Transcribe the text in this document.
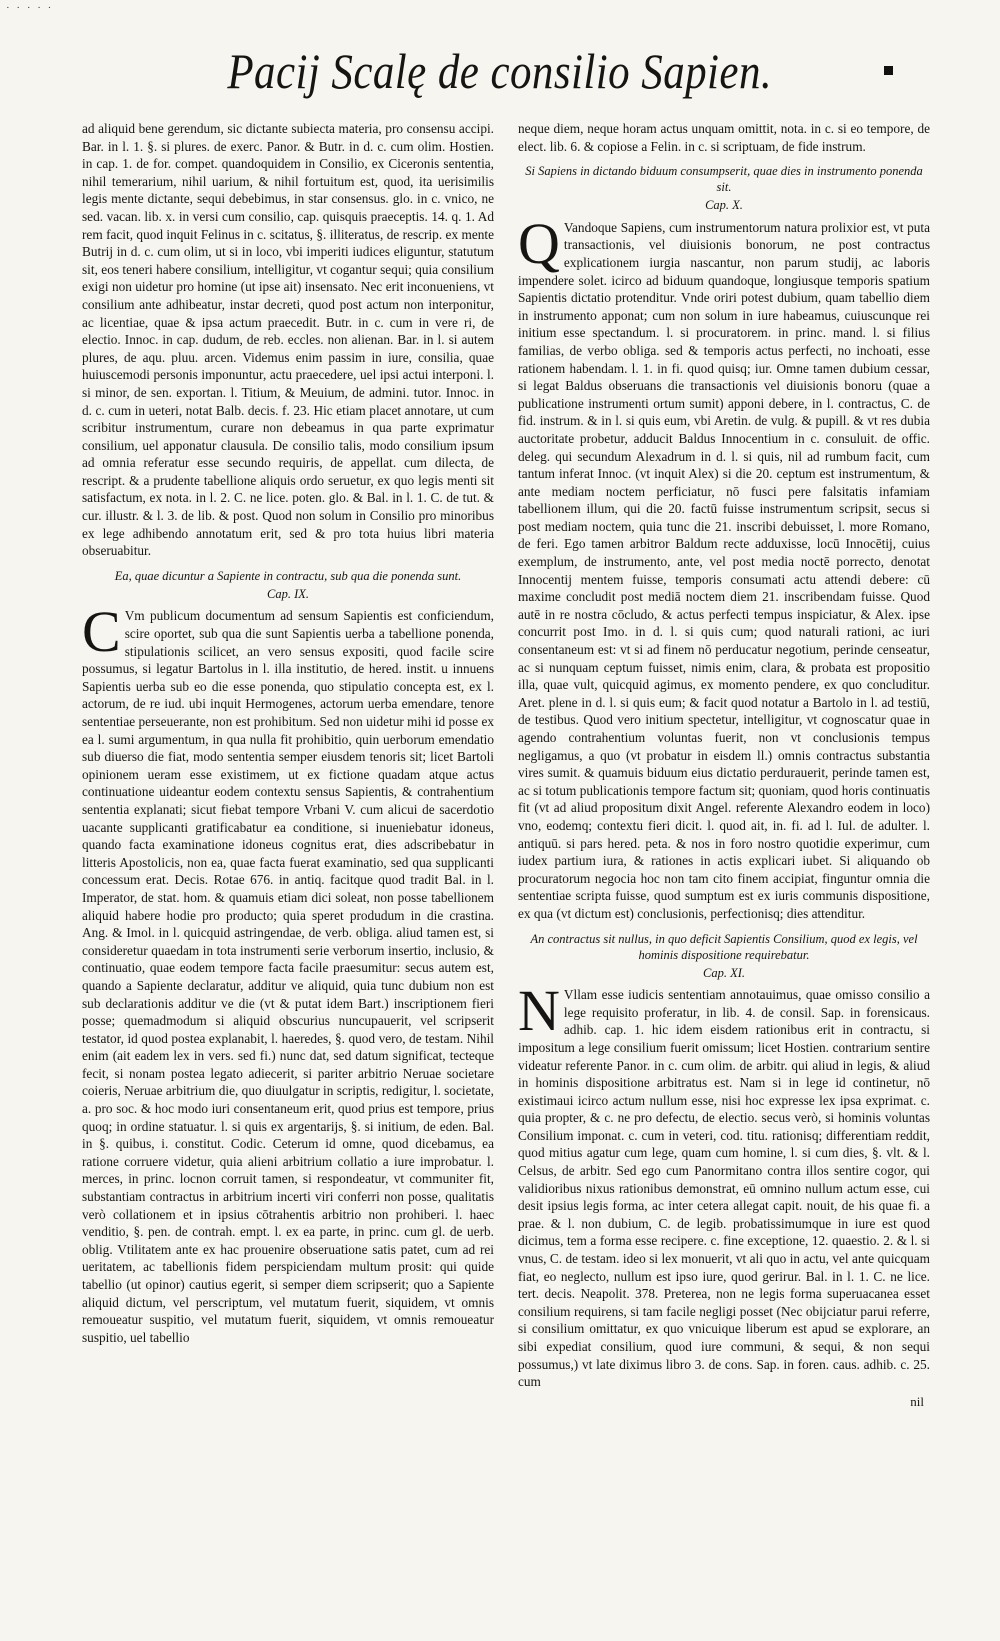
· · · · ·
Pacij Scalę de consilio Sapien.

ad aliquid bene gerendum, sic dictante subiecta materia, pro consensu accipi. Bar. in l. 1. §. si plures. de exerc. Panor. & Butr. in d. c. cum olim. Hostien. in cap. 1. de for. compet. quandoquidem in Consilio, ex Ciceronis sententia, nihil temerarium, nihil uarium, & nihil fortuitum est, quod, ita uerisimilis legis mente dictante, sequi debebimus, in star consensus. glo. in c. vnico, ne sed. vacan. lib. x. in versi cum consilio, cap. quisquis praeceptis. 14. q. 1. Ad rem facit, quod inquit Felinus in c. scitatus, §. illiteratus, de rescrip. ex mente Butrij in d. c. cum olim, ut si in loco, vbi imperiti iudices eliguntur, statutum sit, eos teneri habere consilium, intelligitur, vt cogantur sequi; quia consilium exigi non uidetur pro homine (ut ipse ait) insensato. Nec erit inconueniens, vt consilium ante adhibeatur, instar decreti, quod post actum non interponitur, ac licentiae, quae & ipsa actum praecedit. Butr. in c. cum in vere ri, de electio. Innoc. in cap. dudum, de reb. eccles. non alienan. Bar. in l. si autem plures, de aqu. pluu. arcen. Videmus enim passim in iure, consilia, quae huiuscemodi personis imponuntur, actu praecedere, uel ipsi actui interponi. l. si minor, de sen. exportan. l. Titium, & Meuium, de admini. tutor. Innoc. in d. c. cum in ueteri, notat Balb. decis. f. 23. Hic etiam placet annotare, ut cum scribitur instrumentum, curare non debeamus in qua parte exprimatur consilium, uel apponatur clausula. De consilio talis, modo consilium ipsum ad omnia referatur esse secundo requiris, de appellat. cum dilecta, de rescript. & a prudente tabellione aliquis ordo seruetur, ex quo legis menti sit satisfactum, ex nota. in l. 2. C. ne lice. poten. glo. & Bal. in l. 1. C. de tut. & cur. illustr. & l. 3. de lib. & post. Quod non solum in Consilio pro minoribus ex lege adhibendo annotatum erit, sed & pro tota huius libri materia obseruabitur.

Ea, quae dicuntur a Sapiente in contractu, sub qua die ponenda sunt.
Cap. IX.

C Vm publicum documentum ad sensum Sapientis est conficiendum, scire oportet, sub qua die sunt Sapientis uerba a tabellione ponenda, stipulationis scilicet, an vero sensus expositi, quod facile scire possumus, si legatur Bartolus in l. illa institutio, de hered. instit. u innuens Sapientis uerba sub eo die esse ponenda, quo stipulatio concepta est, ex l. actorum, de re iud. ubi inquit Hermogenes, actorum uerba emendare, tenore sententiae perseuerante, non est prohibitum. Sed non uidetur mihi id posse ex ea l. sumi argumentum, in qua nulla fit prohibitio, quin uerborum emendatio sub diuerso die fiat, modo sententia semper eiusdem tenoris sit; licet Bartoli opinionem ueram esse existimem, ut ex fictione quadam atque actus continuatione uideantur eodem contextu sensus Sapientis, & contrahentium sententia explanati; sicut fiebat tempore Vrbani V. cum alicui de sacerdotio uacante supplicanti gratificabatur ea conditione, si inueniebatur idoneus, quando facta examinatione idoneus cognitus erat, dies adscribebatur in litteris Apostolicis, non ea, quae facta fuerat examinatio, sed qua supplicanti concessum erat. Decis. Rotae 676. in antiq. facitque quod tradit Bal. in l. Imperator, de stat. hom. & quamuis etiam dici soleat, non posse tabellionem aliquid habere hodie pro producto; quia speret produdum in die crastina. Ang. & Imol. in l. quicquid astringendae, de verb. obliga. aliud tamen est, si consideretur quaedam in tota instrumenti serie verborum insertio, inclusio, & continuatio, quae eodem tempore facta facile praesumitur: secus autem est, quando a Sapiente declaratur, additur ve aliquid, quia tunc dubium non est sub declarationis additur ve die (vt & putat idem Bart.) inscriptionem fieri posse; quemadmodum si aliquid obscurius nuncupauerit, vel scripserit testator, id quod postea explanabit, l. haeredes, §. quod vero, de testam. Nihil enim (ait eadem lex in vers. sed fi.) nunc dat, sed datum significat, tecteque fecit, si nonam postea legato adiecerit, si pariter arbitrio Neruae societare coieris, Neruae arbitrium die, quo diuulgatur in scriptis, redigitur, l. societate, a. pro soc. & hoc modo iuri consentaneum erit, quod prius est tempore, prius quoq; in ordine statuatur. l. si quis ex argentarijs, §. si initium, de eden. Bal. in §. quibus, i. constitut. Codic. Ceterum id omne, quod dicebamus, ea ratione corruere videtur, quia alieni arbitrium collatio a iure improbatur. l. merces, in princ. locnon corruit tamen, si respondeatur, vt communiter fit, substantiam contractus in arbitrium incerti viri conferri non posse, qualitatis verò collationem et in ipsius cōtrahentis arbitrio non prohiberi. l. haec venditio, §. pen. de contrah. empt. l. ex ea parte, in princ. cum gl. de uerb. oblig. Vtilitatem ante ex hac prouenire obseruatione satis patet, cum ad rei ueritatem, ac tabellionis fidem perspiciendam multum prosit: qui quide tabellio (ut opinor) cautius egerit, si semper diem scripserit; quo a Sapiente aliquid dictum, vel perscriptum, vel mutatum fuerit, siquidem, vt omnis remoueatur suspitio, vel mutatum fuerit, siquidem, vt omnis remoueatur suspitio, uel tabellio

neque diem, neque horam actus unquam omittit, nota. in c. si eo tempore, de elect. lib. 6. & copiose a Felin. in c. si scriptuam, de fide instrum.

Si Sapiens in dictando biduum consumpserit, quae dies in instrumento ponenda sit.
Cap. X.

Q Vandoque Sapiens, cum instrumentorum natura prolixior est, vt puta transactionis, vel diuisionis bonorum, ne post contractus explicationem iurgia nascantur, non parum studij, ac laboris impendere solet. icirco ad biduum quandoque, longiusque temporis spatium Sapientis dictatio protenditur. Vnde oriri potest dubium, quam tabellio diem in instrumento apponat; cum non solum in iure habeamus, cuiuscunque rei initium esse spectandum. l. si procuratorem. in princ. mand. l. si filius familias, de verbo obliga. sed & temporis actus perfecti, no inchoati, esse rationem habendam. l. 1. in fi. quod quisq; iur. Omne tamen dubium cessar, si legat Baldus obseruans die transactionis vel diuisionis bonoru (quae a publicatione instrumenti ortum sumit) apponi debere, in l. contractus, C. de fid. instrum. & in l. si quis eum, vbi Aretin. de vulg. & pupill. & vt res dubia auctoritate probetur, adducit Baldus Innocentium in c. consuluit. de offic. deleg. qui secundum Alexadrum in d. l. si quis, nil ad rumbum facit, cum tantum inferat Innoc. (vt inquit Alex) si die 20. ceptum est instrumentum, & ante mediam noctem perficiatur, nō fusci pere falsitatis infamiam tabellionem illum, qui die 20. factū fuisse instrumentum scripsit, secus si post mediam noctem, quia tunc die 21. inscribi debuisset, l. more Romano, de feri. Ego tamen arbitror Baldum recte adduxisse, locū Innocētij, cuius exemplum, de instrumento, ante, vel post media noctē porrecto, denotat Innocentij mentem fuisse, temporis consumati actu attendi debere: cū maxime concludit post mediā noctem diem 21. inscribendam fuisse. Quod autē in re nostra cōcludo, & actus perfecti tempus inspiciatur, & Alex. ipse concurrit post Imo. in d. l. si quis cum; quod naturali rationi, ac iuri consentaneum est: vt si ad finem nō perducatur negotium, perinde censeatur, ac si nunquam ceptum fuisset, nimis enim, clara, & probata est propositio illa, quae vult, quicquid agimus, ex momento pendere, ex quo concluditur. Aret. plene in d. l. si quis eum; & facit quod notatur a Bartolo in l. ad testiū, de testibus. Quod vero initium spectetur, intelligitur, vt cognoscatur quae in agendo contrahentium voluntas fuerit, non vt conclusionis tempus negligamus, a quo (vt probatur in eisdem ll.) omnis contractus substantia vires sumit. & quamuis biduum eius dictatio perdurauerit, perinde tamen est, ac si totum publicationis tempore factum sit; quoniam, quod horis continuatis fit (vt ad aliud propositum dixit Angel. referente Alexandro eodem in loco) vno, eodemq; contextu fieri dicit. l. quod ait, in. fi. ad l. Iul. de adulter. l. antiquū. si pars hered. peta. & nos in foro nostro quotidie experimur, cum iudex partium iura, & rationes in actis explicari iubet. Si aliquando ob procuratorum negocia hoc non tam cito finem accipiat, finguntur omnia die sententiae scripta fuisse, quod sumptum est ex iuris communis dispositione, ex qua (vt dictum est) conclusionis, perfectionisq; dies attenditur.

An contractus sit nullus, in quo deficit Sapientis Consilium, quod ex legis, vel hominis dispositione requirebatur.
Cap. XI.

N Vllam esse iudicis sententiam annotauimus, quae omisso consilio a lege requisito proferatur, in lib. 4. de consil. Sap. in forensicaus. adhib. cap. 1. hic idem eisdem rationibus erit in contractu, si impositum a lege consilium fuerit omissum; licet Hostien. contrarium sentire videatur referente Panor. in c. cum olim. de arbitr. qui aliud in legis, & aliud in hominis dispositione arbitratus est. Nam si in lege id continetur, nō existimaui icirco actum nullum esse, nisi hoc expresse lex ipsa exprimat. c. quia propter, & c. ne pro defectu, de electio. secus verò, si hominis voluntas Consilium imponat. c. cum in veteri, cod. titu. rationisq; differentiam reddit, quod mitius agatur cum lege, quam cum homine, l. si cum dies, §. vlt. & l. Celsus, de arbitr. Sed ego cum Panormitano contra illos sentire cogor, qui validioribus nixus rationibus demonstrat, eū omnino nullum actum esse, cui desit ipsius legis forma, ac inter cetera allegat capit. nouit, de his quae fi. a prae. & l. non dubium, C. de legib. probatissimumque in iure est quod dicimus, tem a forma esse recipere. c. fine exceptione, 12. quaestio. 2. & l. si vnus, C. de testam. ideo si lex monuerit, vt ali quo in actu, vel ante quicquam fiat, eo neglecto, nullum est ipso iure, quod gerirur. Bal. in l. 1. C. ne lice. tert. decis. Neapolit. 378. Preterea, non ne legis forma superuacanea esset consilium requirens, si tam facile negligi posset (Nec obijciatur parui referre, si consilium omittatur, ex quo vnicuique liberum est apud se explorare, an sibi expediat consilium, quod iure communi, & sequi, & non sequi possumus,) vt late diximus libro 3. de cons. Sap. in foren. caus. adhib. c. 25. cum

nil
